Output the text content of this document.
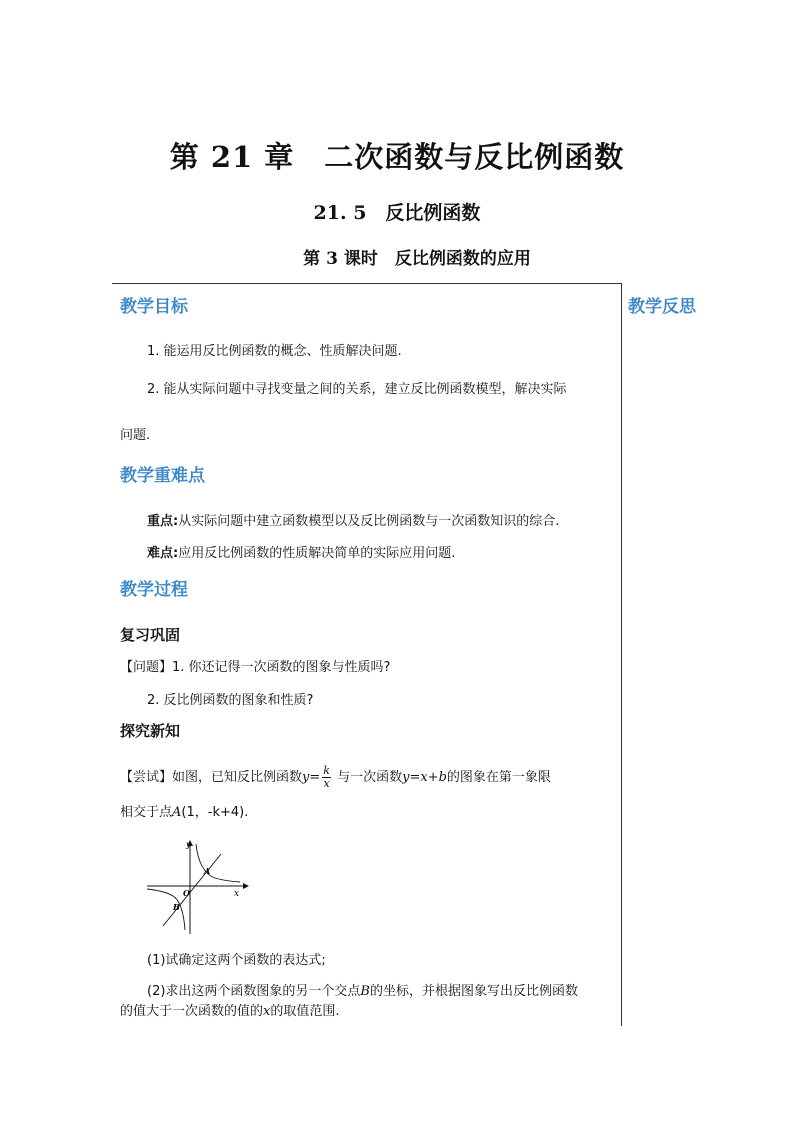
第 21 章　二次函数与反比例函数
21. 5　反比例函数
第 3 课时　反比例函数的应用
教学反思
教学目标
1. 能运用反比例函数的概念、性质解决问题.
2. 能从实际问题中寻找变量之间的关系，建立反比例函数模型，解决实际
问题.
教学重难点
重点:从实际问题中建立函数模型以及反比例函数与一次函数知识的综合.
难点:应用反比例函数的性质解决简单的实际应用问题.
教学过程
复习巩固
【问题】1. 你还记得一次函数的图象与性质吗?
2. 反比例函数的图象和性质?
探究新知
【尝试】如图，已知反比例函数$y= \frac{k}{x}$ 与一次函数y=x+b的图象在第一象限
相交于点A(1，-k+4).
y
x
O
A
B
(1)试确定这两个函数的表达式;
(2)求出这两个函数图象的另一个交点B的坐标，并根据图象写出反比例函数
的值大于一次函数的值的x的取值范围.
